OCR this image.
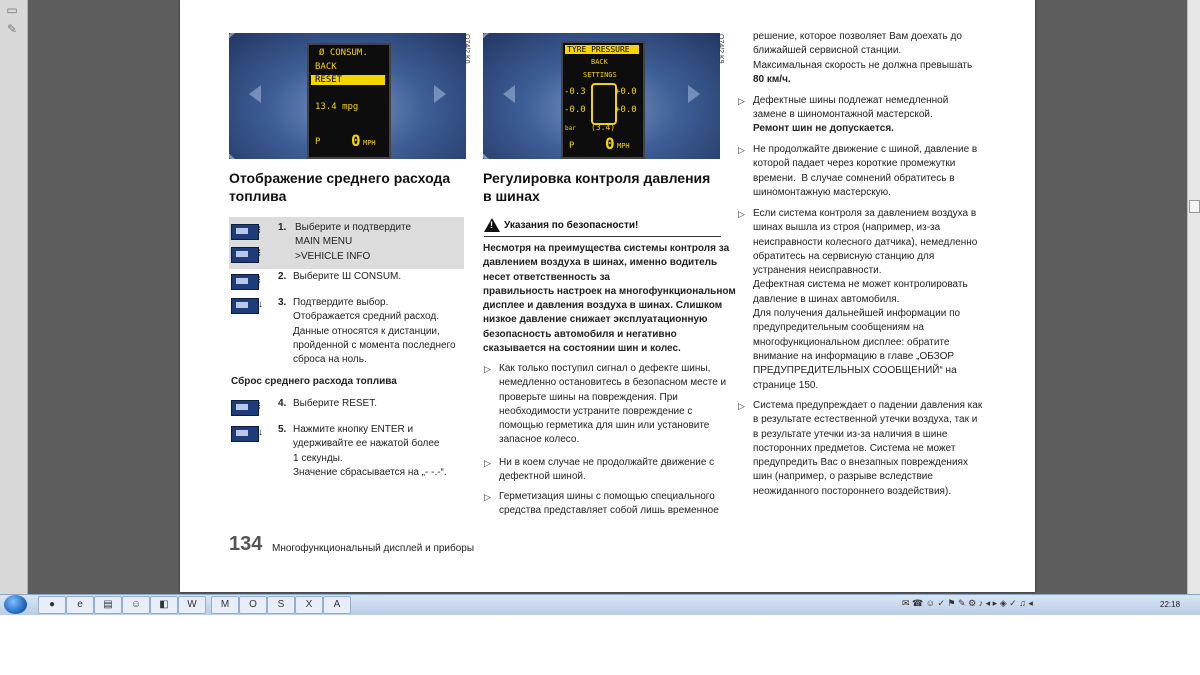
▭
✎
Ø CONSUM.
BACK
RESET
13.4 mpg
P 0 MPH
O74/2 K0	TYRE PRESSURE
BACK
SETTINGS
-0.3	+0.0
-0.0	+0.0
bar (3.4)
P 0 MPH
O74/2 K9
Отображение среднего расхода
топлива
Регулировка контроля давления
в шинах
⁝
⁝
1. Выберите и подтвердите
MAIN MENU
>VEHICLE INFO
⁝ 2. Выберите Ш CONSUM.
↓ 3. Подтвердите выбор.
Отображается средний расход.
Данные относятся к дистанции,
пройденной с момента последнего
сброса на ноль.
Сброс среднего расхода топлива
⁝ 4. Выберите RESET.
↓ 5. Нажмите кнопку ENTER и
удерживайте ее нажатой более
1 секунды.
Значение сбрасывается на „- -.-“.
! Указания по безопасности!
Несмотря на преимущества системы контроля за
давлением воздуха в шинах, именно водитель
несет ответственность за
правильность настроек на многофункциональном
дисплее и давления воздуха в шинах. Слишком
низкое давление снижает эксплуатационную
безопасность автомобиля и негативно
сказывается на состоянии шин и колес.
▷ Как только поступил сигнал о дефекте шины,
немедленно остановитесь в безопасном месте и
проверьте шины на повреждения. При
необходимости устраните повреждение с
помощью герметика для шин или установите
запасное колесо.
▷ Ни в коем случае не продолжайте движение с
дефектной шиной.
▷ Герметизация шины с помощью специального
средства представляет собой лишь временное
решение, которое позволяет Вам доехать до
ближайшей сервисной станции.
Максимальная скорость не должна превышать
80 км/ч.
▷ Дефектные шины подлежат немедленной
замене в шиномонтажной мастерской.
Ремонт шин не допускается.
▷ Не продолжайте движение с шиной, давление в
которой падает через короткие промежутки
времени.  В случае сомнений обратитесь в
шиномонтажную мастерскую.
▷ Если система контроля за давлением воздуха в
шинах вышла из строя (например, из-за
неисправности колесного датчика), немедленно
обратитесь на сервисную станцию для
устранения неисправности.
Дефектная система не может контролировать
давление в шинах автомобиля.
Для получения дальнейшей информации по
предупредительным сообщениям на
многофункциональном дисплее: обратите
внимание на информацию в главе „ОБЗОР
ПРЕДУПРЕДИТЕЛЬНЫХ СООБЩЕНИЙ“ на
странице 150.
▷ Система предупреждает о падении давления как
в результате естественной утечки воздуха, так и
в результате утечки из-за наличия в шине
посторонних предметов. Система не может
предупредить Вас о внезапных повреждениях
шин (например, о разрыве вследствие
неожиданного постороннего воздействия).
134 Многофункциональный дисплей и приборы
●	e	▤	☺	◧	W	M	O	S	X	A	✉ ☎ ☺ ✓ ⚑ ✎ ⚙ ♪ ◂ ▸ ◈ ✓ ♫ ◂	22:18
